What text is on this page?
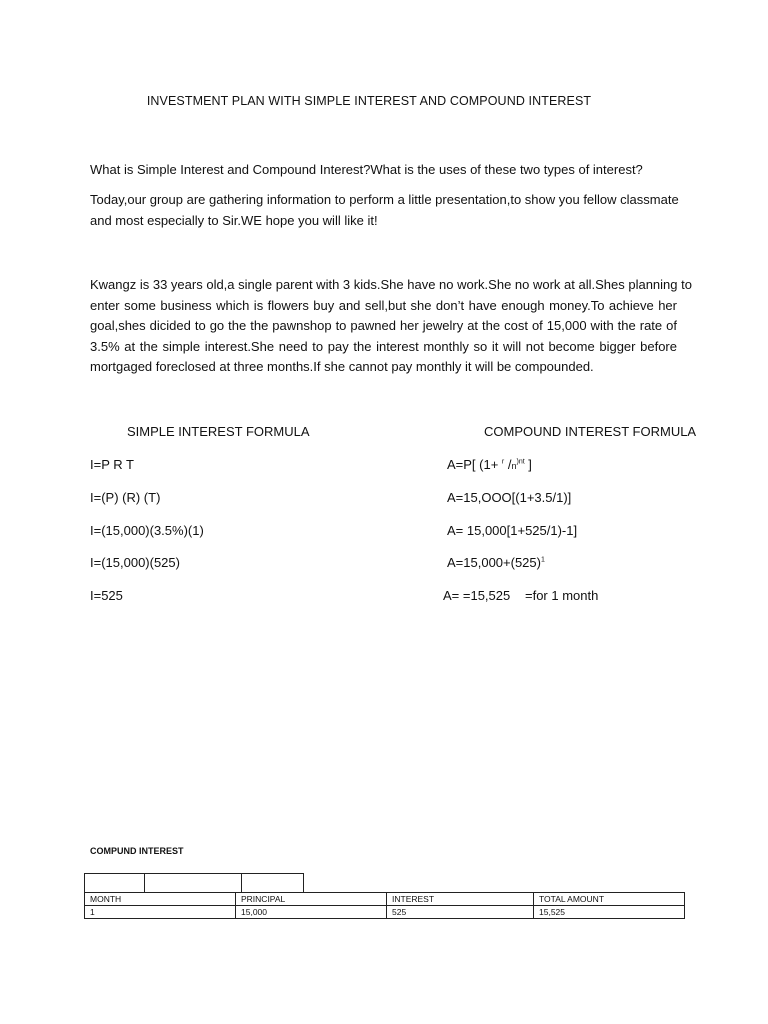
INVESTMENT PLAN WITH SIMPLE INTEREST AND COMPOUND INTEREST
What is Simple Interest and Compound Interest?What is the uses of these two types of interest?
Today,our group are gathering information to perform a little presentation,to show you fellow classmate
and most especially to Sir.WE hope you will like it!
Kwangz is 33 years old,a single parent with 3 kids.She have no work.She no work at all.Shes planning to
enter some business which is flowers buy and sell,but she don’t have enough money.To achieve her
goal,shes dicided to go the the pawnshop to pawned her jewelry at the cost of 15,000 with the rate of
3.5% at the simple interest.She need to pay the interest monthly so it will not become bigger before
mortgaged foreclosed at three months.If she cannot pay monthly it will be compounded.
SIMPLE INTEREST FORMULA
I=P R T
I=(P) (R) (T)
I=(15,000)(3.5%)(1)
I=(15,000)(525)
I=525
COMPOUND INTEREST FORMULA
A=P[ (1+ $^r$ $/n^{)nt}$ ]
A=15,OOO[(1+3.5/1)]
A= 15,000[1+525/1)-1]
$A=15,000+(525)^1$
A= =15,525 =for 1 month
COMPUND INTEREST

MONTH	PRINCIPAL	INTEREST	TOTAL AMOUNT
1	15,000	525	15,525
